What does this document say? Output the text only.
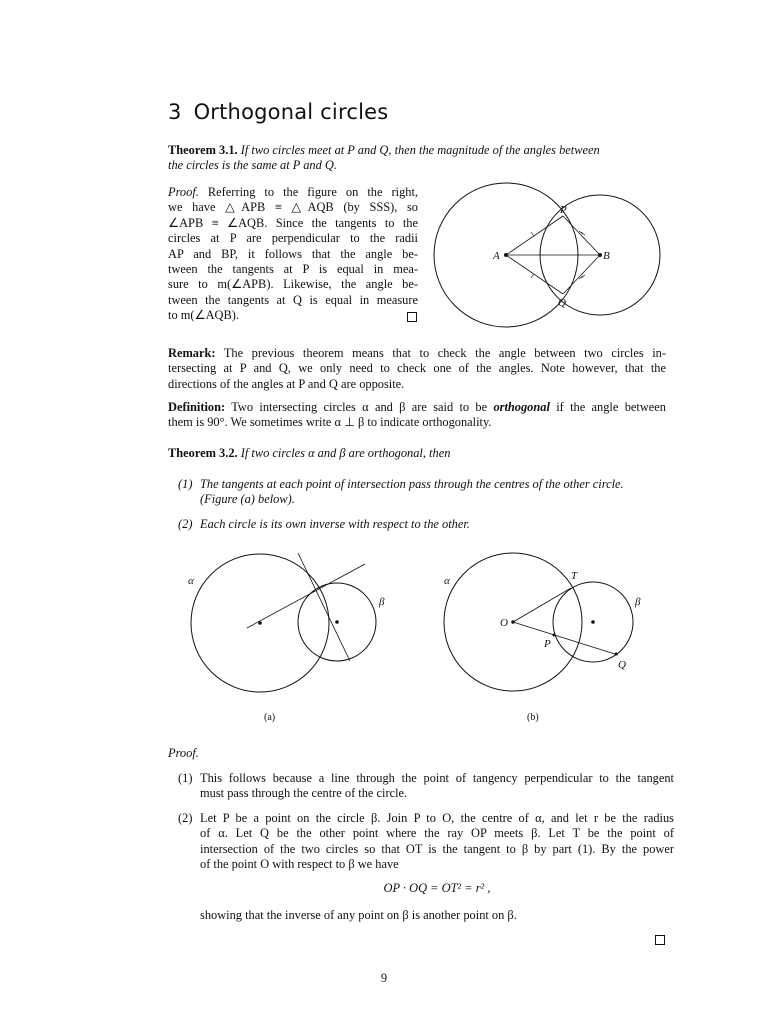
3 Orthogonal circles

Theorem 3.1. If two circles meet at P and Q, then the magnitude of the angles between

the circles is the same at P and Q.

Proof. Referring to the figure on the right,

we have △APB ≡ △AQB (by SSS), so

∠APB ≡ ∠AQB. Since the tangents to the

circles at P are perpendicular to the radii

AP and BP, it follows that the angle be-

tween the tangents at P is equal in mea-

sure to m(∠APB). Likewise, the angle be-

tween the tangents at Q is equal in measure

to m(∠AQB).

A	B
P
Q

Remark: The previous theorem means that to check the angle between two circles in-

tersecting at P and Q, we only need to check one of the angles. Note however, that the

directions of the angles at P and Q are opposite.

Definition: Two intersecting circles α and β are said to be orthogonal if the angle between

them is 90°. We sometimes write α ⊥ β to indicate orthogonality.

Theorem 3.2. If two circles α and β are orthogonal, then

(1) The tangents at each point of intersection pass through the centres of the other circle.

(Figure (a) below).

(2) Each circle is its own inverse with respect to the other.

α
β
(a)
α
β
O
P
Q
T
(b)

Proof.

(1) This follows because a line through the point of tangency perpendicular to the tangent

must pass through the centre of the circle.

(2) Let P be a point on the circle β. Join P to O, the centre of α, and let r be the radius

of α. Let Q be the other point where the ray OP meets β. Let T be the point of

intersection of the two circles so that OT is the tangent to β by part (1). By the power

of the point O with respect to β we have

OP · OQ = OT² = r² ,

showing that the inverse of any point on β is another point on β.

9
